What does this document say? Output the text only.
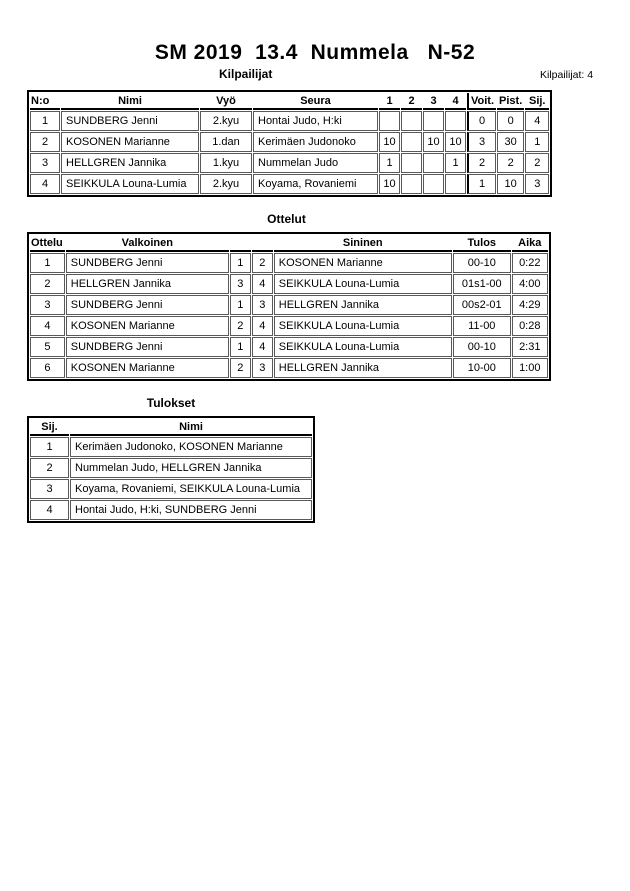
SM 2019  13.4  Nummela   N-52
Kilpailijat	Kilpailijat: 4
N:o	Nimi	Vyö	Seura	1	2	3	4	Voit.	Pist.	Sij.
1	SUNDBERG Jenni	2.kyu	Hontai Judo, H:ki					0	0	4
2	KOSONEN Marianne	1.dan	Kerimäen Judonoko	10		10	10	3	30	1
3	HELLGREN Jannika	1.kyu	Nummelan Judo	1			1	2	2	2
4	SEIKKULA Louna-Lumia	2.kyu	Koyama, Rovaniemi	10				1	10	3
Ottelut
Ottelu	Valkoinen			Sininen	Tulos	Aika
1	SUNDBERG Jenni	1	2	KOSONEN Marianne	00-10	0:22
2	HELLGREN Jannika	3	4	SEIKKULA Louna-Lumia	01s1-00	4:00
3	SUNDBERG Jenni	1	3	HELLGREN Jannika	00s2-01	4:29
4	KOSONEN Marianne	2	4	SEIKKULA Louna-Lumia	11-00	0:28
5	SUNDBERG Jenni	1	4	SEIKKULA Louna-Lumia	00-10	2:31
6	KOSONEN Marianne	2	3	HELLGREN Jannika	10-00	1:00
Tulokset
Sij.	Nimi
1	Kerimäen Judonoko, KOSONEN Marianne
2	Nummelan Judo, HELLGREN Jannika
3	Koyama, Rovaniemi, SEIKKULA Louna-Lumia
4	Hontai Judo, H:ki, SUNDBERG Jenni
